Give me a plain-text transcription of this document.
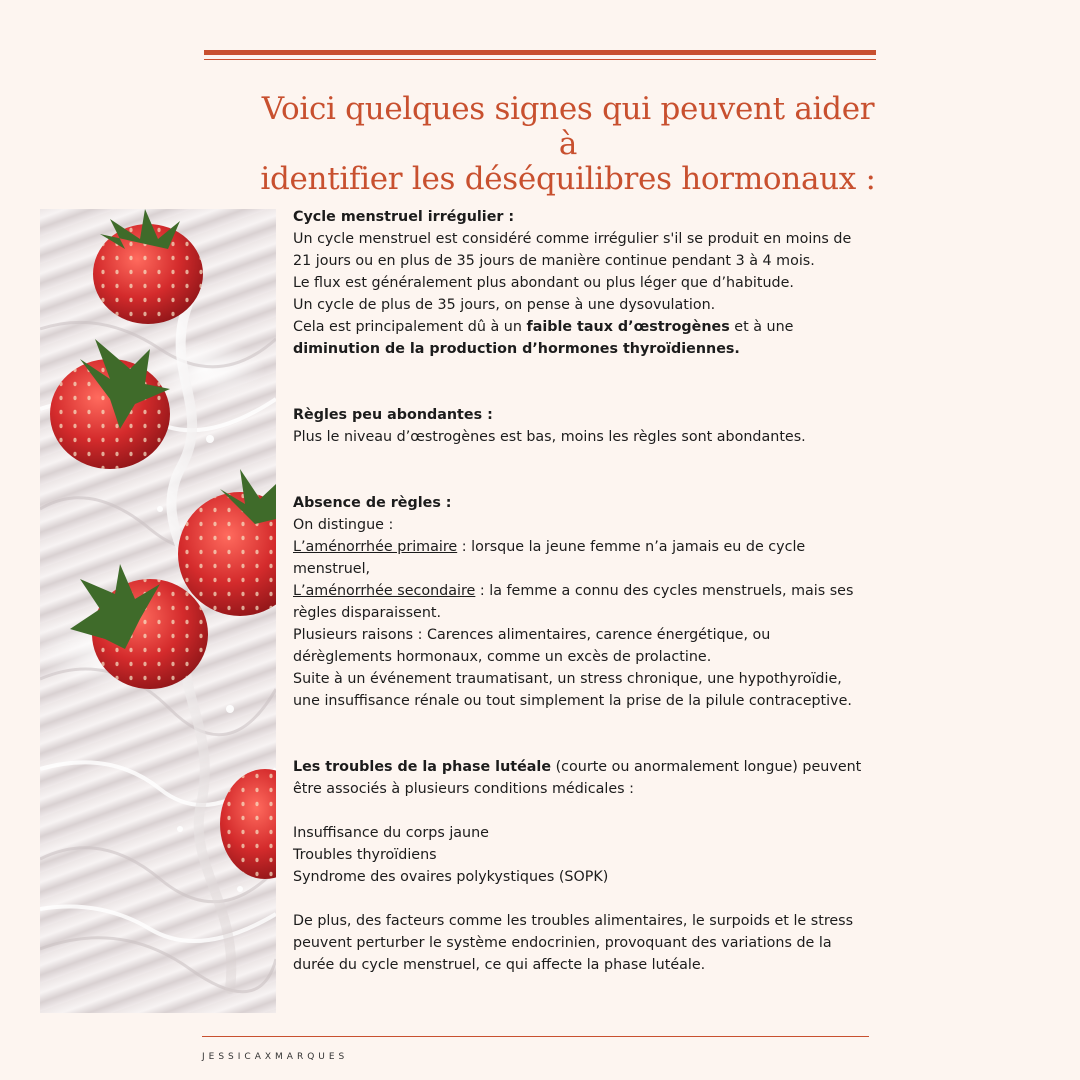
Voici quelques signes qui peuvent aider à
identifier les déséquilibres hormonaux :

Cycle menstruel irrégulier :

Un cycle menstruel est considéré comme irrégulier s'il se produit en moins de 21 jours ou en plus de 35 jours de manière continue pendant 3 à 4 mois.

Le flux est généralement plus abondant ou plus léger que d’habitude.

Un cycle de plus de 35 jours, on pense à une dysovulation.

Cela est principalement dû à un faible taux d’œstrogènes et à une diminution de la production d’hormones thyroïdiennes.

Règles peu abondantes :

Plus le niveau d’œstrogènes est bas, moins les règles sont abondantes.

Absence de règles :

On distingue :

L’aménorrhée primaire : lorsque la jeune femme n’a jamais eu de cycle menstruel,

L’aménorrhée secondaire : la femme a connu des cycles menstruels, mais ses règles disparaissent.

Plusieurs raisons : Carences alimentaires, carence énergétique, ou dérèglements hormonaux, comme un excès de prolactine.

Suite à un événement traumatisant, un stress chronique, une hypothyroïdie, une insuffisance rénale ou tout simplement la prise de la pilule contraceptive.

Les troubles de la phase lutéale (courte ou anormalement longue) peuvent être associés à plusieurs conditions médicales :

Insuffisance du corps jaune

Troubles thyroïdiens

Syndrome des ovaires polykystiques (SOPK)

De plus, des facteurs comme les troubles alimentaires, le surpoids et le stress peuvent perturber le système endocrinien, provoquant des variations de la durée du cycle menstruel, ce qui affecte la phase lutéale.

JESSICAXMARQUES
